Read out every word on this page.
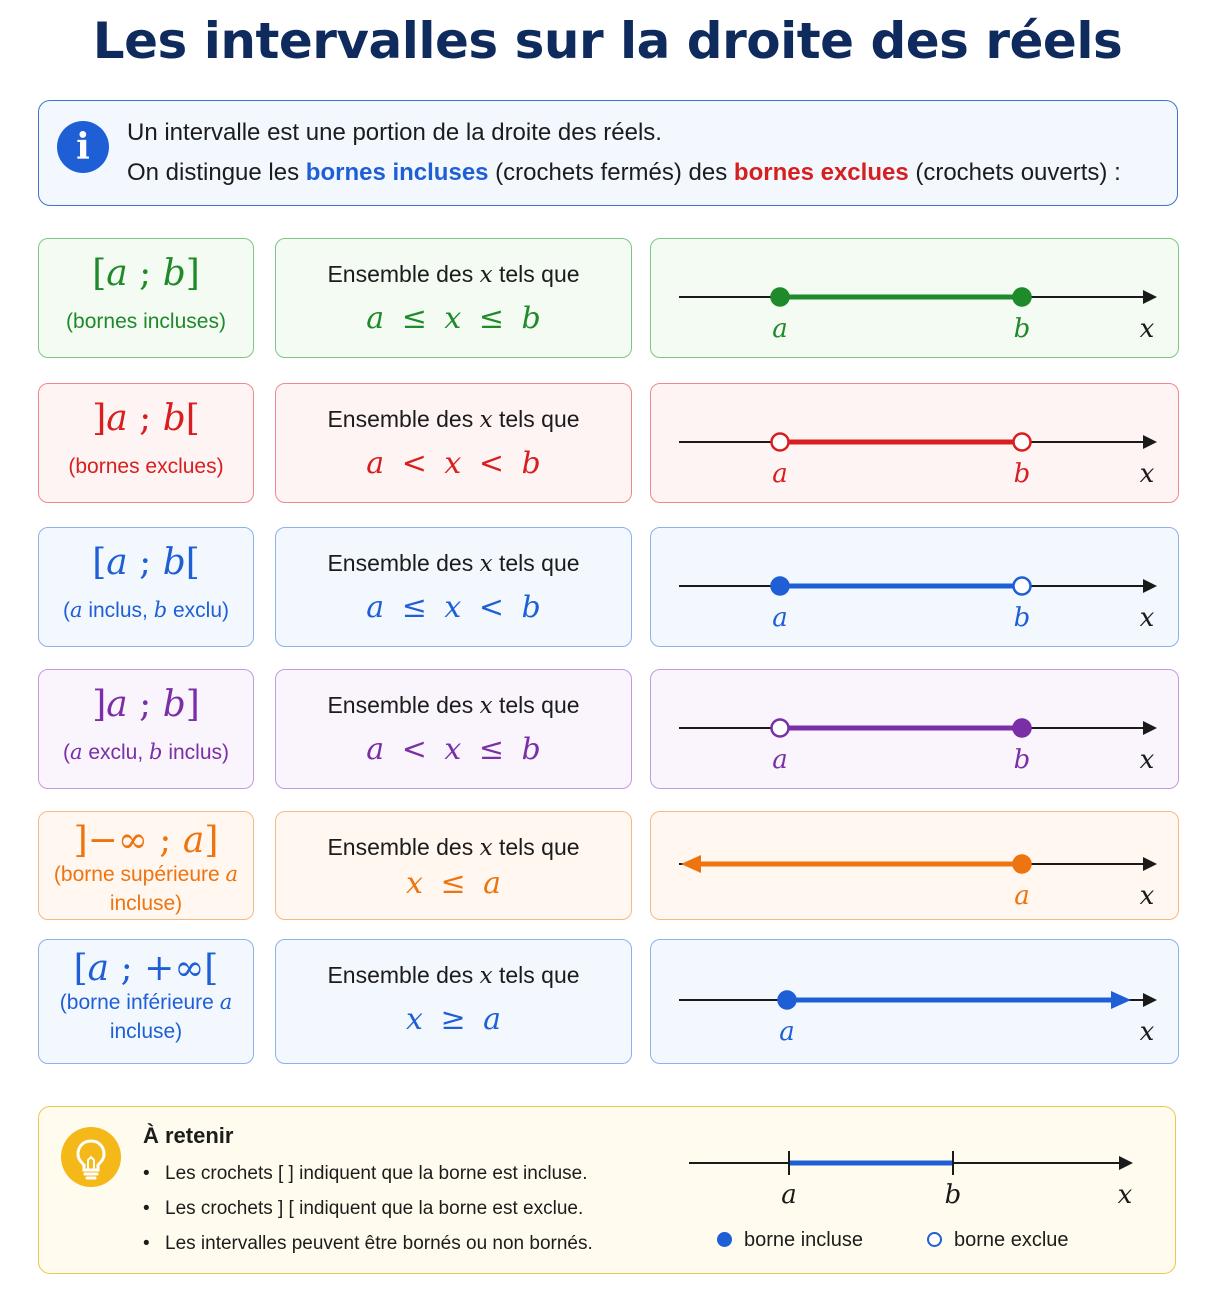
Les intervalles sur la droite des réels
i	Un intervalle est une portion de la droite des réels.
On distingue les bornes incluses (crochets fermés) des bornes exclues (crochets ouverts) :
[a ; b]
(bornes incluses)
Ensemble des x tels que
a ≤ x ≤ b	a	b	x
]a ; b[
(bornes exclues)
Ensemble des x tels que
a < x < b	a	b	x
[a ; b[
(a inclus, b exclu)
Ensemble des x tels que
a ≤ x < b	a	b	x
]a ; b]
(a exclu, b inclus)
Ensemble des x tels que
a < x ≤ b	a	b	x
]−∞ ; a]
(borne supérieure a incluse)
Ensemble des x tels que
x ≤ a	a	x
[a ; +∞[
(borne inférieure a incluse)
Ensemble des x tels que
x ≥ a	a	x
À retenir
• Les crochets [ ] indiquent que la borne est incluse.
• Les crochets ] [ indiquent que la borne est exclue.
• Les intervalles peuvent être bornés ou non bornés.
a	b	x
borne incluse	borne exclue
